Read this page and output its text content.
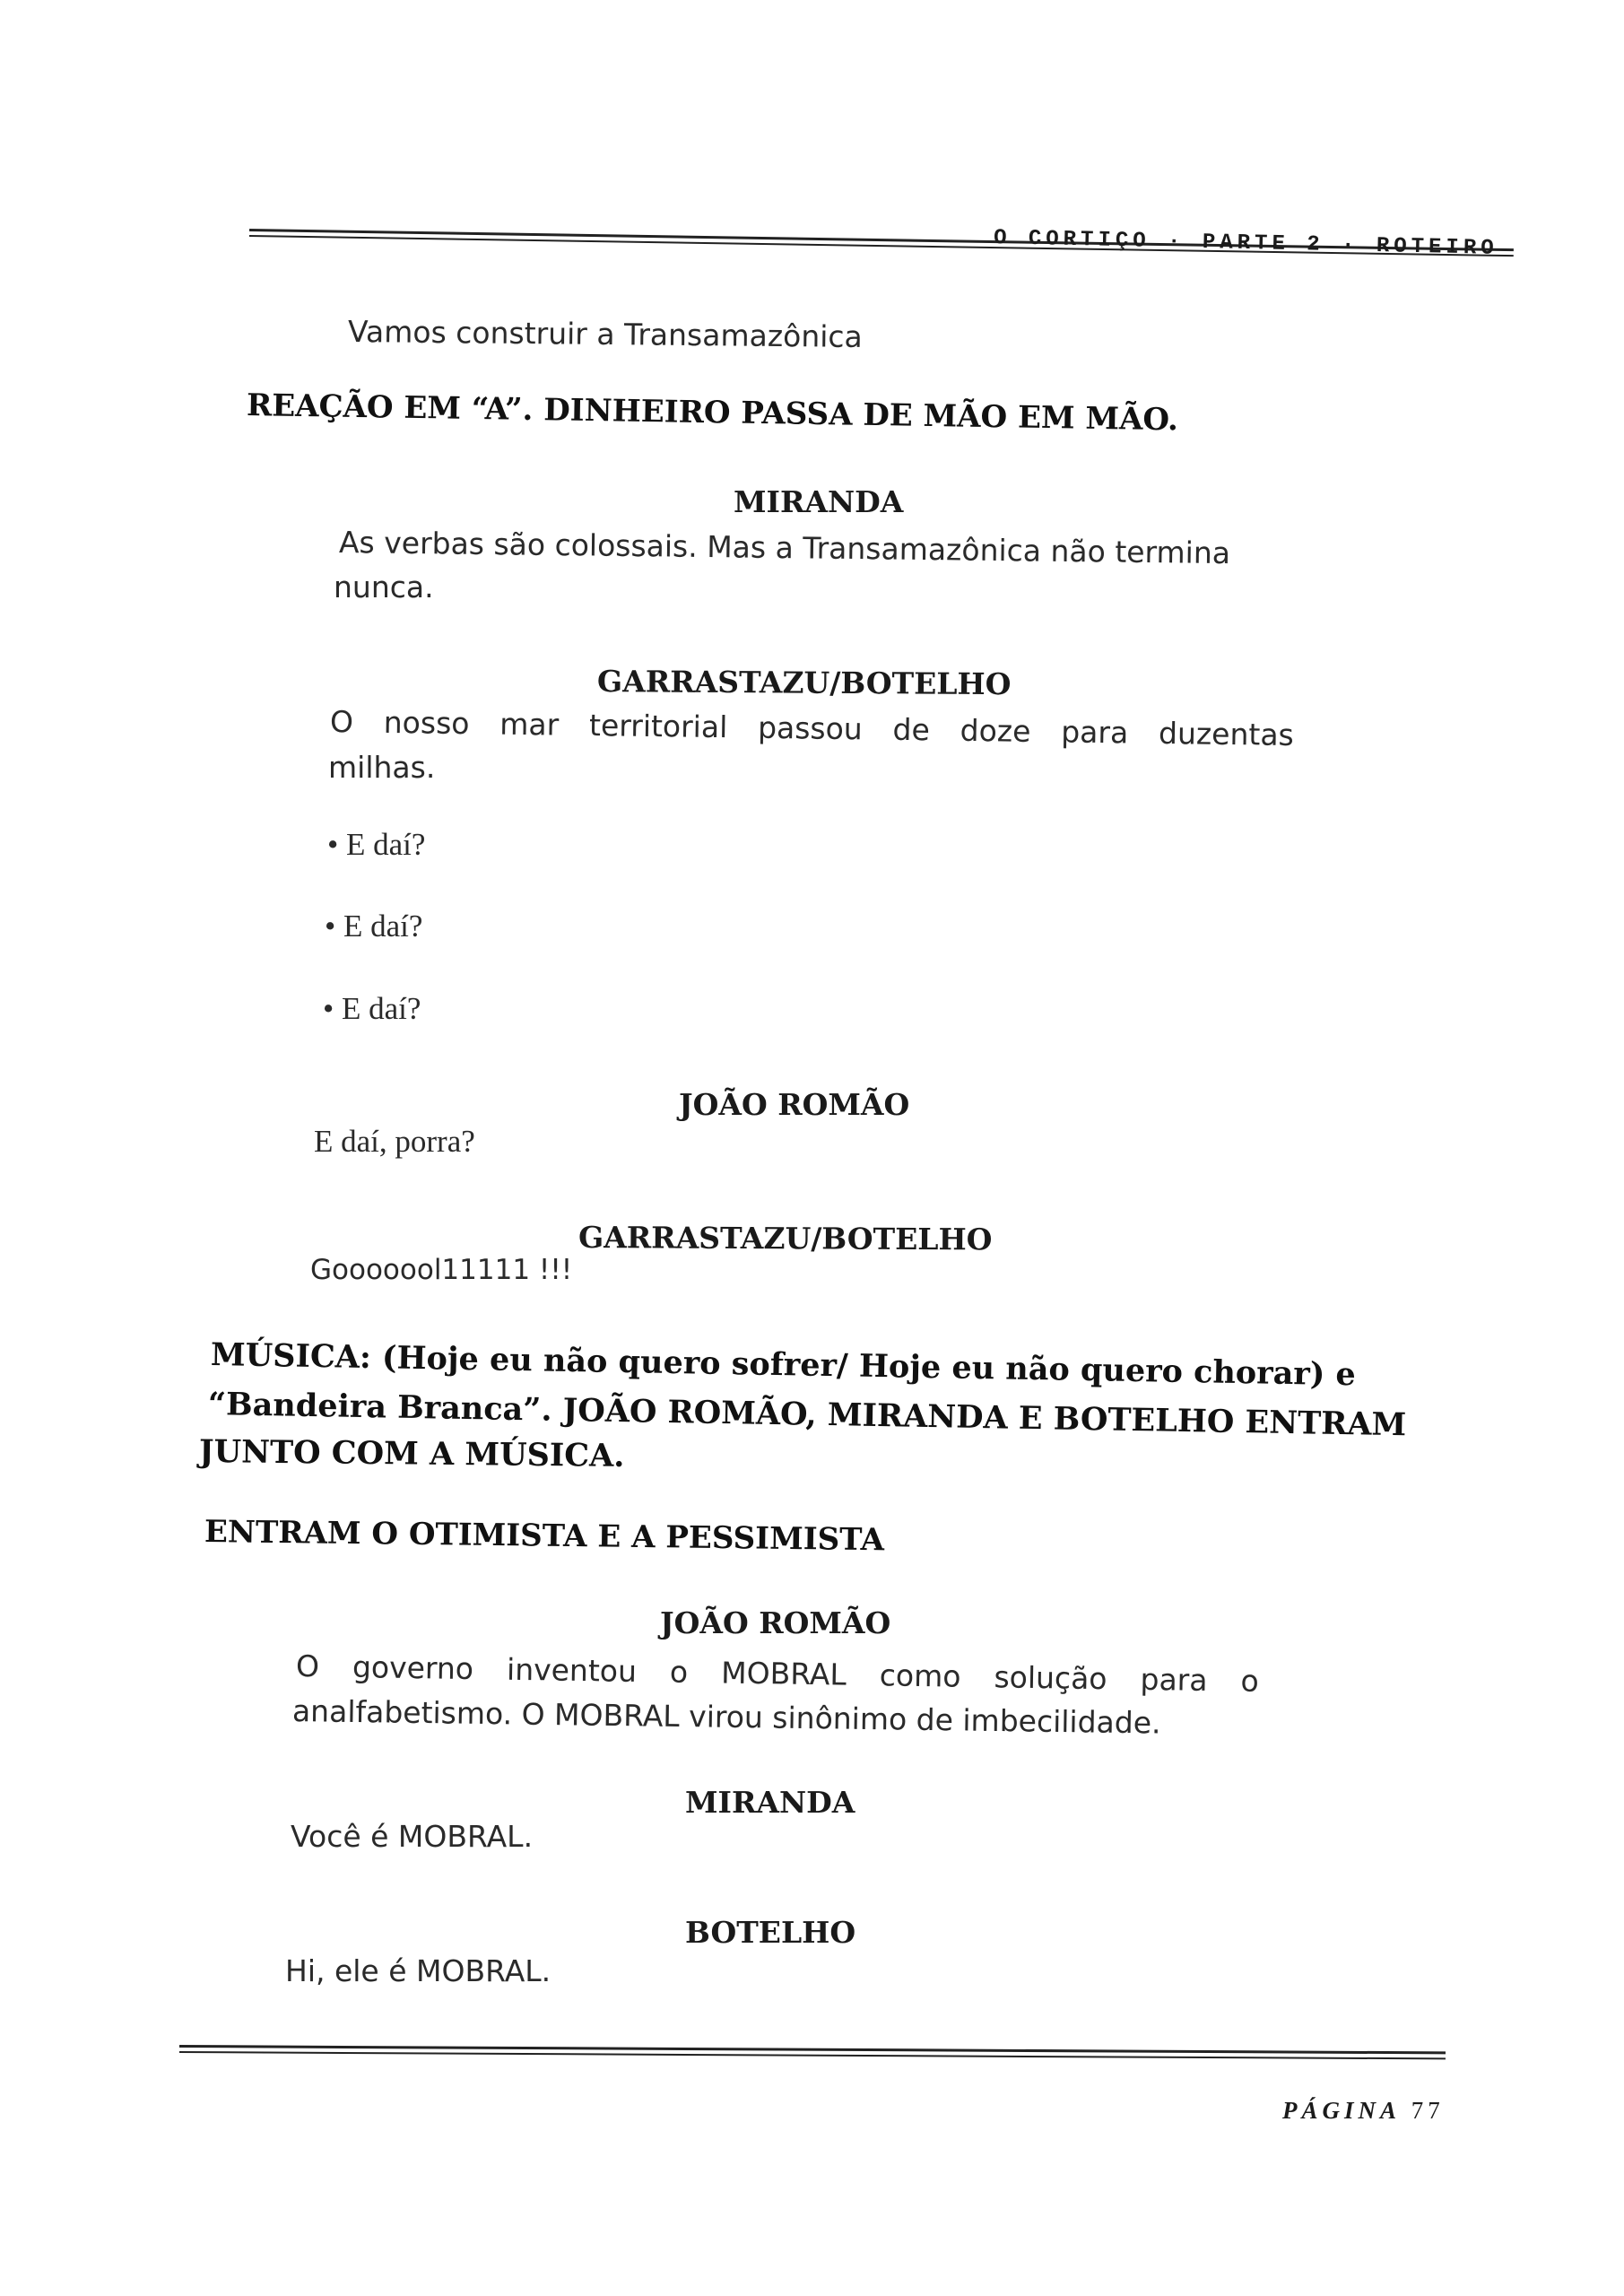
O CORTIÇO · PARTE 2 · ROTEIRO
Vamos construir a Transamazônica
REAÇÃO EM “A”. DINHEIRO PASSA DE MÃO EM MÃO.
MIRANDA
As verbas são colossais. Mas a Transamazônica não termina
nunca.
GARRASTAZU/BOTELHO
O nosso mar territorial passou de doze para duzentas
milhas.
• E daí?
• E daí?
• E daí?
JOÃO ROMÃO
E daí, porra?
GARRASTAZU/BOTELHO
Gooooool11111 !!!
MÚSICA: (Hoje eu não quero sofrer/ Hoje eu não quero chorar) e
“Bandeira Branca”. JOÃO ROMÃO, MIRANDA E BOTELHO ENTRAM
JUNTO COM A MÚSICA.
ENTRAM O OTIMISTA E A PESSIMISTA
JOÃO ROMÃO
O governo inventou o MOBRAL como solução para o
analfabetismo. O MOBRAL virou sinônimo de imbecilidade.
MIRANDA
Você é MOBRAL.
BOTELHO
Hi, ele é MOBRAL.
PÁGINA 77
